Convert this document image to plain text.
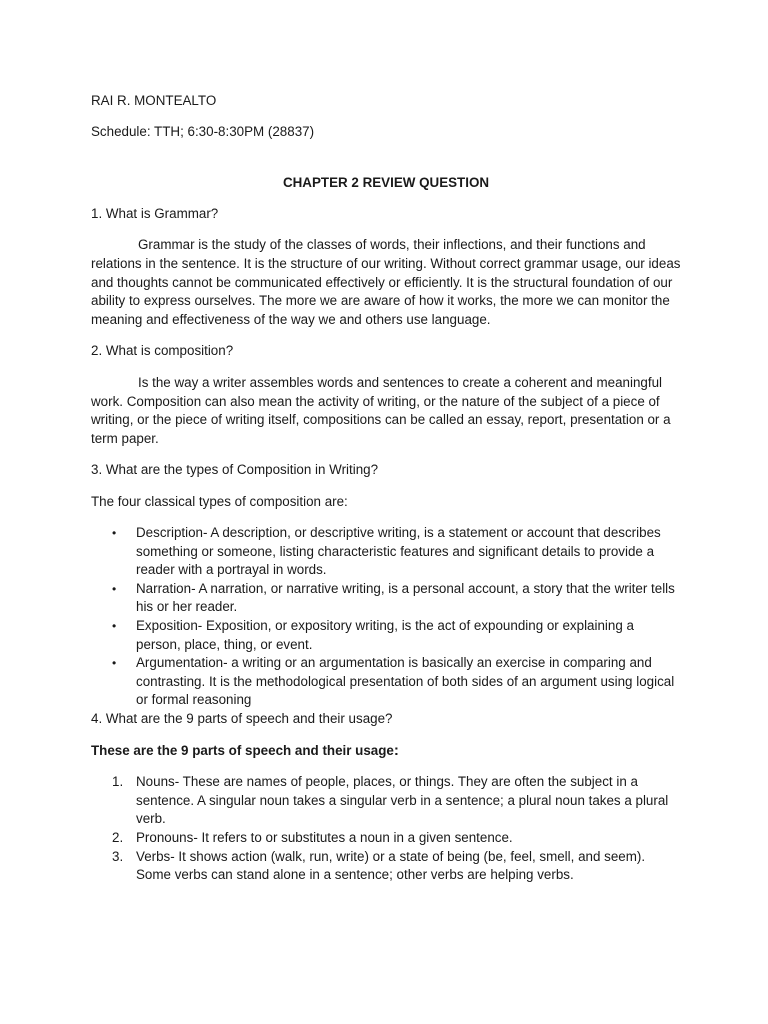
RAI R. MONTEALTO

Schedule: TTH; 6:30-8:30PM (28837)

CHAPTER 2 REVIEW QUESTION

1. What is Grammar?

Grammar is the study of the classes of words, their inflections, and their functions and relations in the sentence. It is the structure of our writing. Without correct grammar usage, our ideas and thoughts cannot be communicated effectively or efficiently. It is the structural foundation of our ability to express ourselves. The more we are aware of how it works, the more we can monitor the meaning and effectiveness of the way we and others use language.

2. What is composition?

Is the way a writer assembles words and sentences to create a coherent and meaningful work. Composition can also mean the activity of writing, or the nature of the subject of a piece of writing, or the piece of writing itself, compositions can be called an essay, report, presentation or a term paper.

3. What are the types of Composition in Writing?

The four classical types of composition are:

• Description- A description, or descriptive writing, is a statement or account that describes something or someone, listing characteristic features and significant details to provide a reader with a portrayal in words.
• Narration- A narration, or narrative writing, is a personal account, a story that the writer tells his or her reader.
• Exposition- Exposition, or expository writing, is the act of expounding or explaining a person, place, thing, or event.
• Argumentation- a writing or an argumentation is basically an exercise in comparing and contrasting. It is the methodological presentation of both sides of an argument using logical or formal reasoning

4. What are the 9 parts of speech and their usage?

These are the 9 parts of speech and their usage:

1. Nouns- These are names of people, places, or things. They are often the subject in a sentence. A singular noun takes a singular verb in a sentence; a plural noun takes a plural verb.
2. Pronouns- It refers to or substitutes a noun in a given sentence.
3. Verbs- It shows action (walk, run, write) or a state of being (be, feel, smell, and seem). Some verbs can stand alone in a sentence; other verbs are helping verbs.
